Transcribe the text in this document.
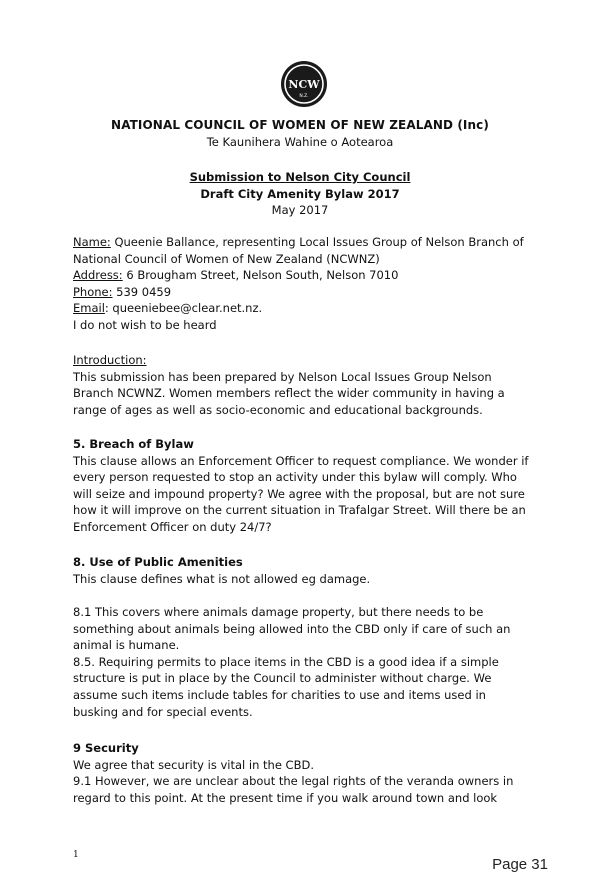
NCW
N.Z.
NATIONAL COUNCIL OF WOMEN OF NEW ZEALAND (Inc)
Te Kaunihera Wahine o Aotearoa
Submission to Nelson City Council
Draft City Amenity Bylaw 2017
May 2017

Name: Queenie Ballance, representing Local Issues Group of Nelson Branch of National Council of Women of New Zealand (NCWNZ)

Address: 6 Brougham Street, Nelson South, Nelson 7010

Phone: 539 0459

Email: queeniebee@clear.net.nz.

I do not wish to be heard

Introduction:

This submission has been prepared by Nelson Local Issues Group Nelson Branch NCWNZ. Women members reflect the wider community in having a range of ages as well as socio-economic and educational backgrounds.

5. Breach of Bylaw

This clause allows an Enforcement Officer to request compliance. We wonder if every person requested to stop an activity under this bylaw will comply. Who will seize and impound property? We agree with the proposal, but are not sure how it will improve on the current situation in Trafalgar Street. Will there be an Enforcement Officer on duty 24/7?

8. Use of Public Amenities

This clause defines what is not allowed eg damage.

8.1 This covers where animals damage property, but there needs to be something about animals being allowed into the CBD only if care of such an animal is humane.

8.5. Requiring permits to place items in the CBD is a good idea if a simple structure is put in place by the Council to administer without charge. We assume such items include tables for charities to use and items used in busking and for special events.

9 Security

We agree that security is vital in the CBD.

9.1 However, we are unclear about the legal rights of the veranda owners in regard to this point. At the present time if you walk around town and look

1
Page 31
